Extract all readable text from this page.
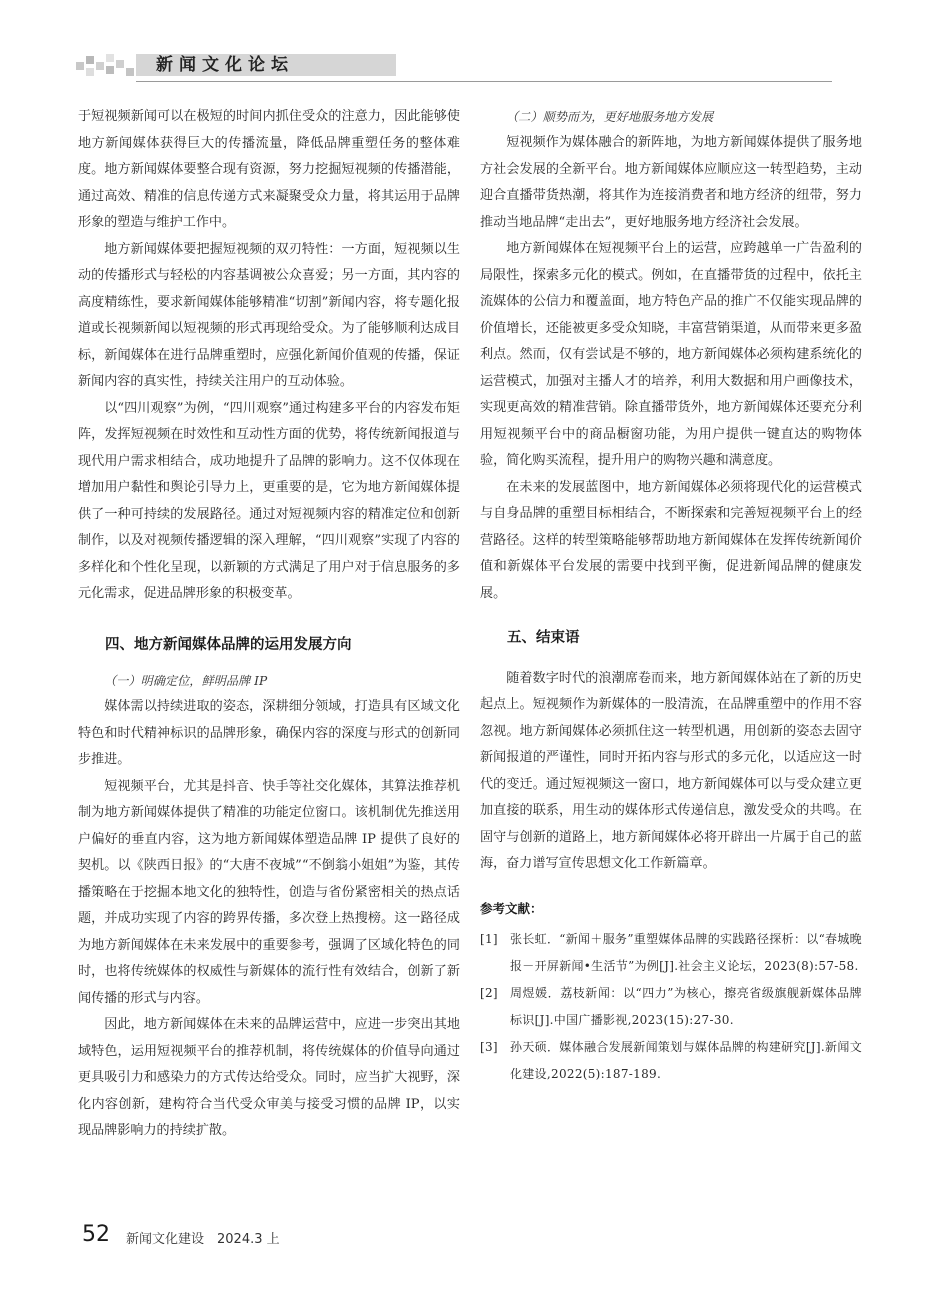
新闻文化论坛

于短视频新闻可以在极短的时间内抓住受众的注意力，因此能够使地方新闻媒体获得巨大的传播流量，降低品牌重塑任务的整体难度。地方新闻媒体要整合现有资源，努力挖掘短视频的传播潜能，通过高效、精准的信息传递方式来凝聚受众力量，将其运用于品牌形象的塑造与维护工作中。

地方新闻媒体要把握短视频的双刃特性：一方面，短视频以生动的传播形式与轻松的内容基调被公众喜爱；另一方面，其内容的高度精练性，要求新闻媒体能够精准“切割”新闻内容，将专题化报道或长视频新闻以短视频的形式再现给受众。为了能够顺利达成目标，新闻媒体在进行品牌重塑时，应强化新闻价值观的传播，保证新闻内容的真实性，持续关注用户的互动体验。

以“四川观察”为例，“四川观察”通过构建多平台的内容发布矩阵，发挥短视频在时效性和互动性方面的优势，将传统新闻报道与现代用户需求相结合，成功地提升了品牌的影响力。这不仅体现在增加用户黏性和舆论引导力上，更重要的是，它为地方新闻媒体提供了一种可持续的发展路径。通过对短视频内容的精准定位和创新制作，以及对视频传播逻辑的深入理解，“四川观察”实现了内容的多样化和个性化呈现，以新颖的方式满足了用户对于信息服务的多元化需求，促进品牌形象的积极变革。

四、地方新闻媒体品牌的运用发展方向
（一）明确定位，鲜明品牌 IP

媒体需以持续进取的姿态，深耕细分领域，打造具有区域文化特色和时代精神标识的品牌形象，确保内容的深度与形式的创新同步推进。

短视频平台，尤其是抖音、快手等社交化媒体，其算法推荐机制为地方新闻媒体提供了精准的功能定位窗口。该机制优先推送用户偏好的垂直内容，这为地方新闻媒体塑造品牌 IP 提供了良好的契机。以《陕西日报》的“大唐不夜城”“不倒翁小姐姐”为鉴，其传播策略在于挖掘本地文化的独特性，创造与省份紧密相关的热点话题，并成功实现了内容的跨界传播，多次登上热搜榜。这一路径成为地方新闻媒体在未来发展中的重要参考，强调了区域化特色的同时，也将传统媒体的权威性与新媒体的流行性有效结合，创新了新闻传播的形式与内容。

因此，地方新闻媒体在未来的品牌运营中，应进一步突出其地域特色，运用短视频平台的推荐机制，将传统媒体的价值导向通过更具吸引力和感染力的方式传达给受众。同时，应当扩大视野，深化内容创新，建构符合当代受众审美与接受习惯的品牌 IP，以实现品牌影响力的持续扩散。

（二）顺势而为，更好地服务地方发展

短视频作为媒体融合的新阵地，为地方新闻媒体提供了服务地方社会发展的全新平台。地方新闻媒体应顺应这一转型趋势，主动迎合直播带货热潮，将其作为连接消费者和地方经济的纽带，努力推动当地品牌“走出去”，更好地服务地方经济社会发展。

地方新闻媒体在短视频平台上的运营，应跨越单一广告盈利的局限性，探索多元化的模式。例如，在直播带货的过程中，依托主流媒体的公信力和覆盖面，地方特色产品的推广不仅能实现品牌的价值增长，还能被更多受众知晓，丰富营销渠道，从而带来更多盈利点。然而，仅有尝试是不够的，地方新闻媒体必须构建系统化的运营模式，加强对主播人才的培养，利用大数据和用户画像技术，实现更高效的精准营销。除直播带货外，地方新闻媒体还要充分利用短视频平台中的商品橱窗功能，为用户提供一键直达的购物体验，简化购买流程，提升用户的购物兴趣和满意度。

在未来的发展蓝图中，地方新闻媒体必须将现代化的运营模式与自身品牌的重塑目标相结合，不断探索和完善短视频平台上的经营路径。这样的转型策略能够帮助地方新闻媒体在发挥传统新闻价值和新媒体平台发展的需要中找到平衡，促进新闻品牌的健康发展。

五、结束语

随着数字时代的浪潮席卷而来，地方新闻媒体站在了新的历史起点上。短视频作为新媒体的一股清流，在品牌重塑中的作用不容忽视。地方新闻媒体必须抓住这一转型机遇，用创新的姿态去固守新闻报道的严谨性，同时开拓内容与形式的多元化，以适应这一时代的变迁。通过短视频这一窗口，地方新闻媒体可以与受众建立更加直接的联系，用生动的媒体形式传递信息，激发受众的共鸣。在固守与创新的道路上，地方新闻媒体必将开辟出一片属于自己的蓝海，奋力谱写宣传思想文化工作新篇章。

参考文献：
[1] 张长虹．“新闻＋服务”重塑媒体品牌的实践路径探析：以“春城晚报－开屏新闻•生活节”为例[J].社会主义论坛，2023(8):57-58.
[2] 周煜媛．荔枝新闻：以“四力”为核心，擦亮省级旗舰新媒体品牌标识[J].中国广播影视,2023(15):27-30.
[3] 孙天硕．媒体融合发展新闻策划与媒体品牌的构建研究[J].新闻文化建设,2022(5):187-189.
52 新闻文化建设　2024.3 上
